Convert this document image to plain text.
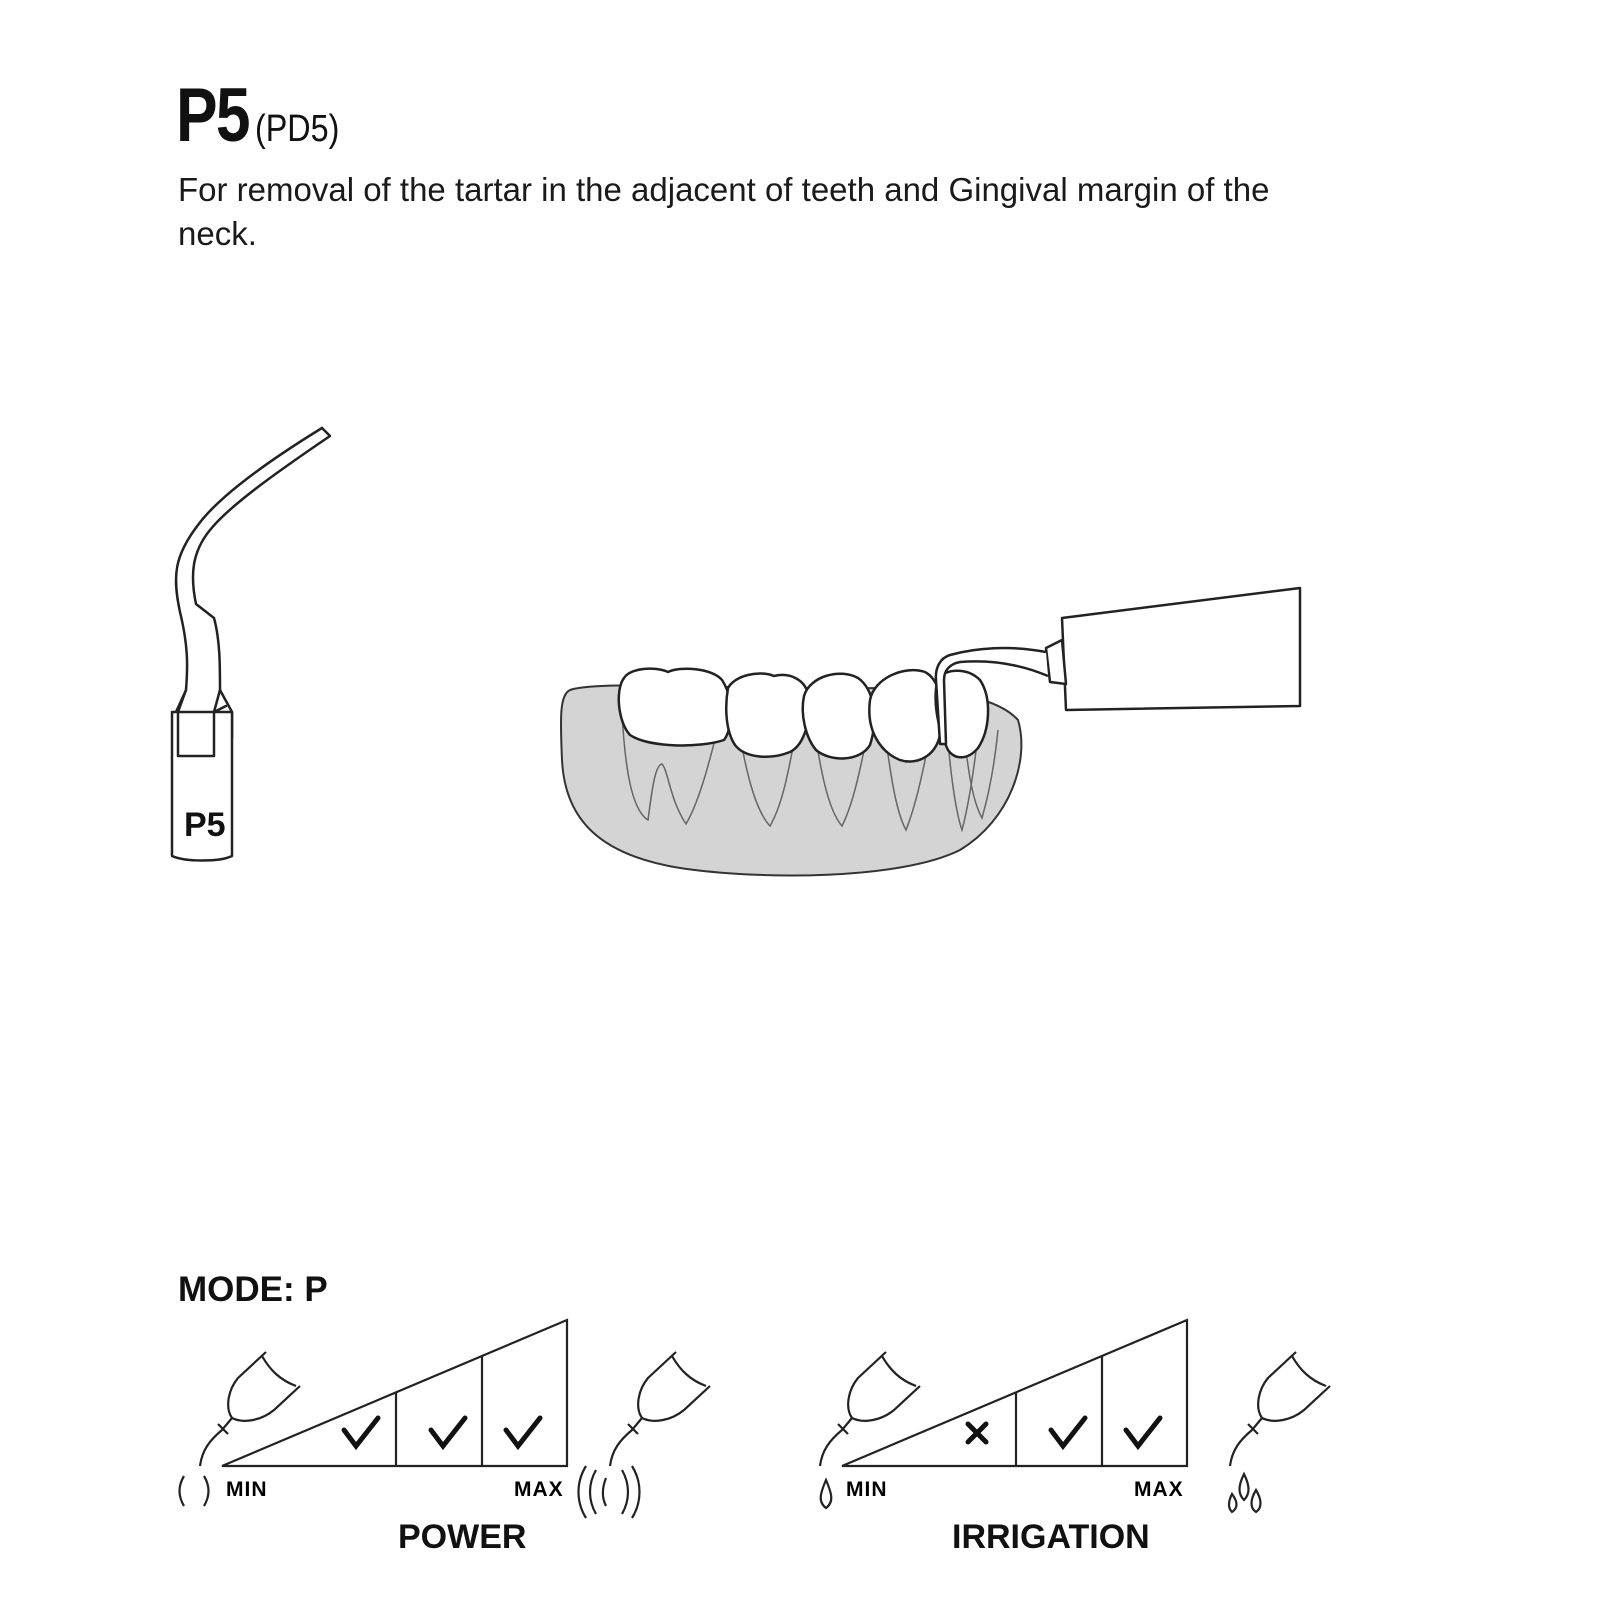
P5 (PD5)
For removal of the tartar in the adjacent of teeth and Gingival margin of the neck.
P5
MODE: P
MIN	MAX
POWER
MIN	MAX
IRRIGATION
